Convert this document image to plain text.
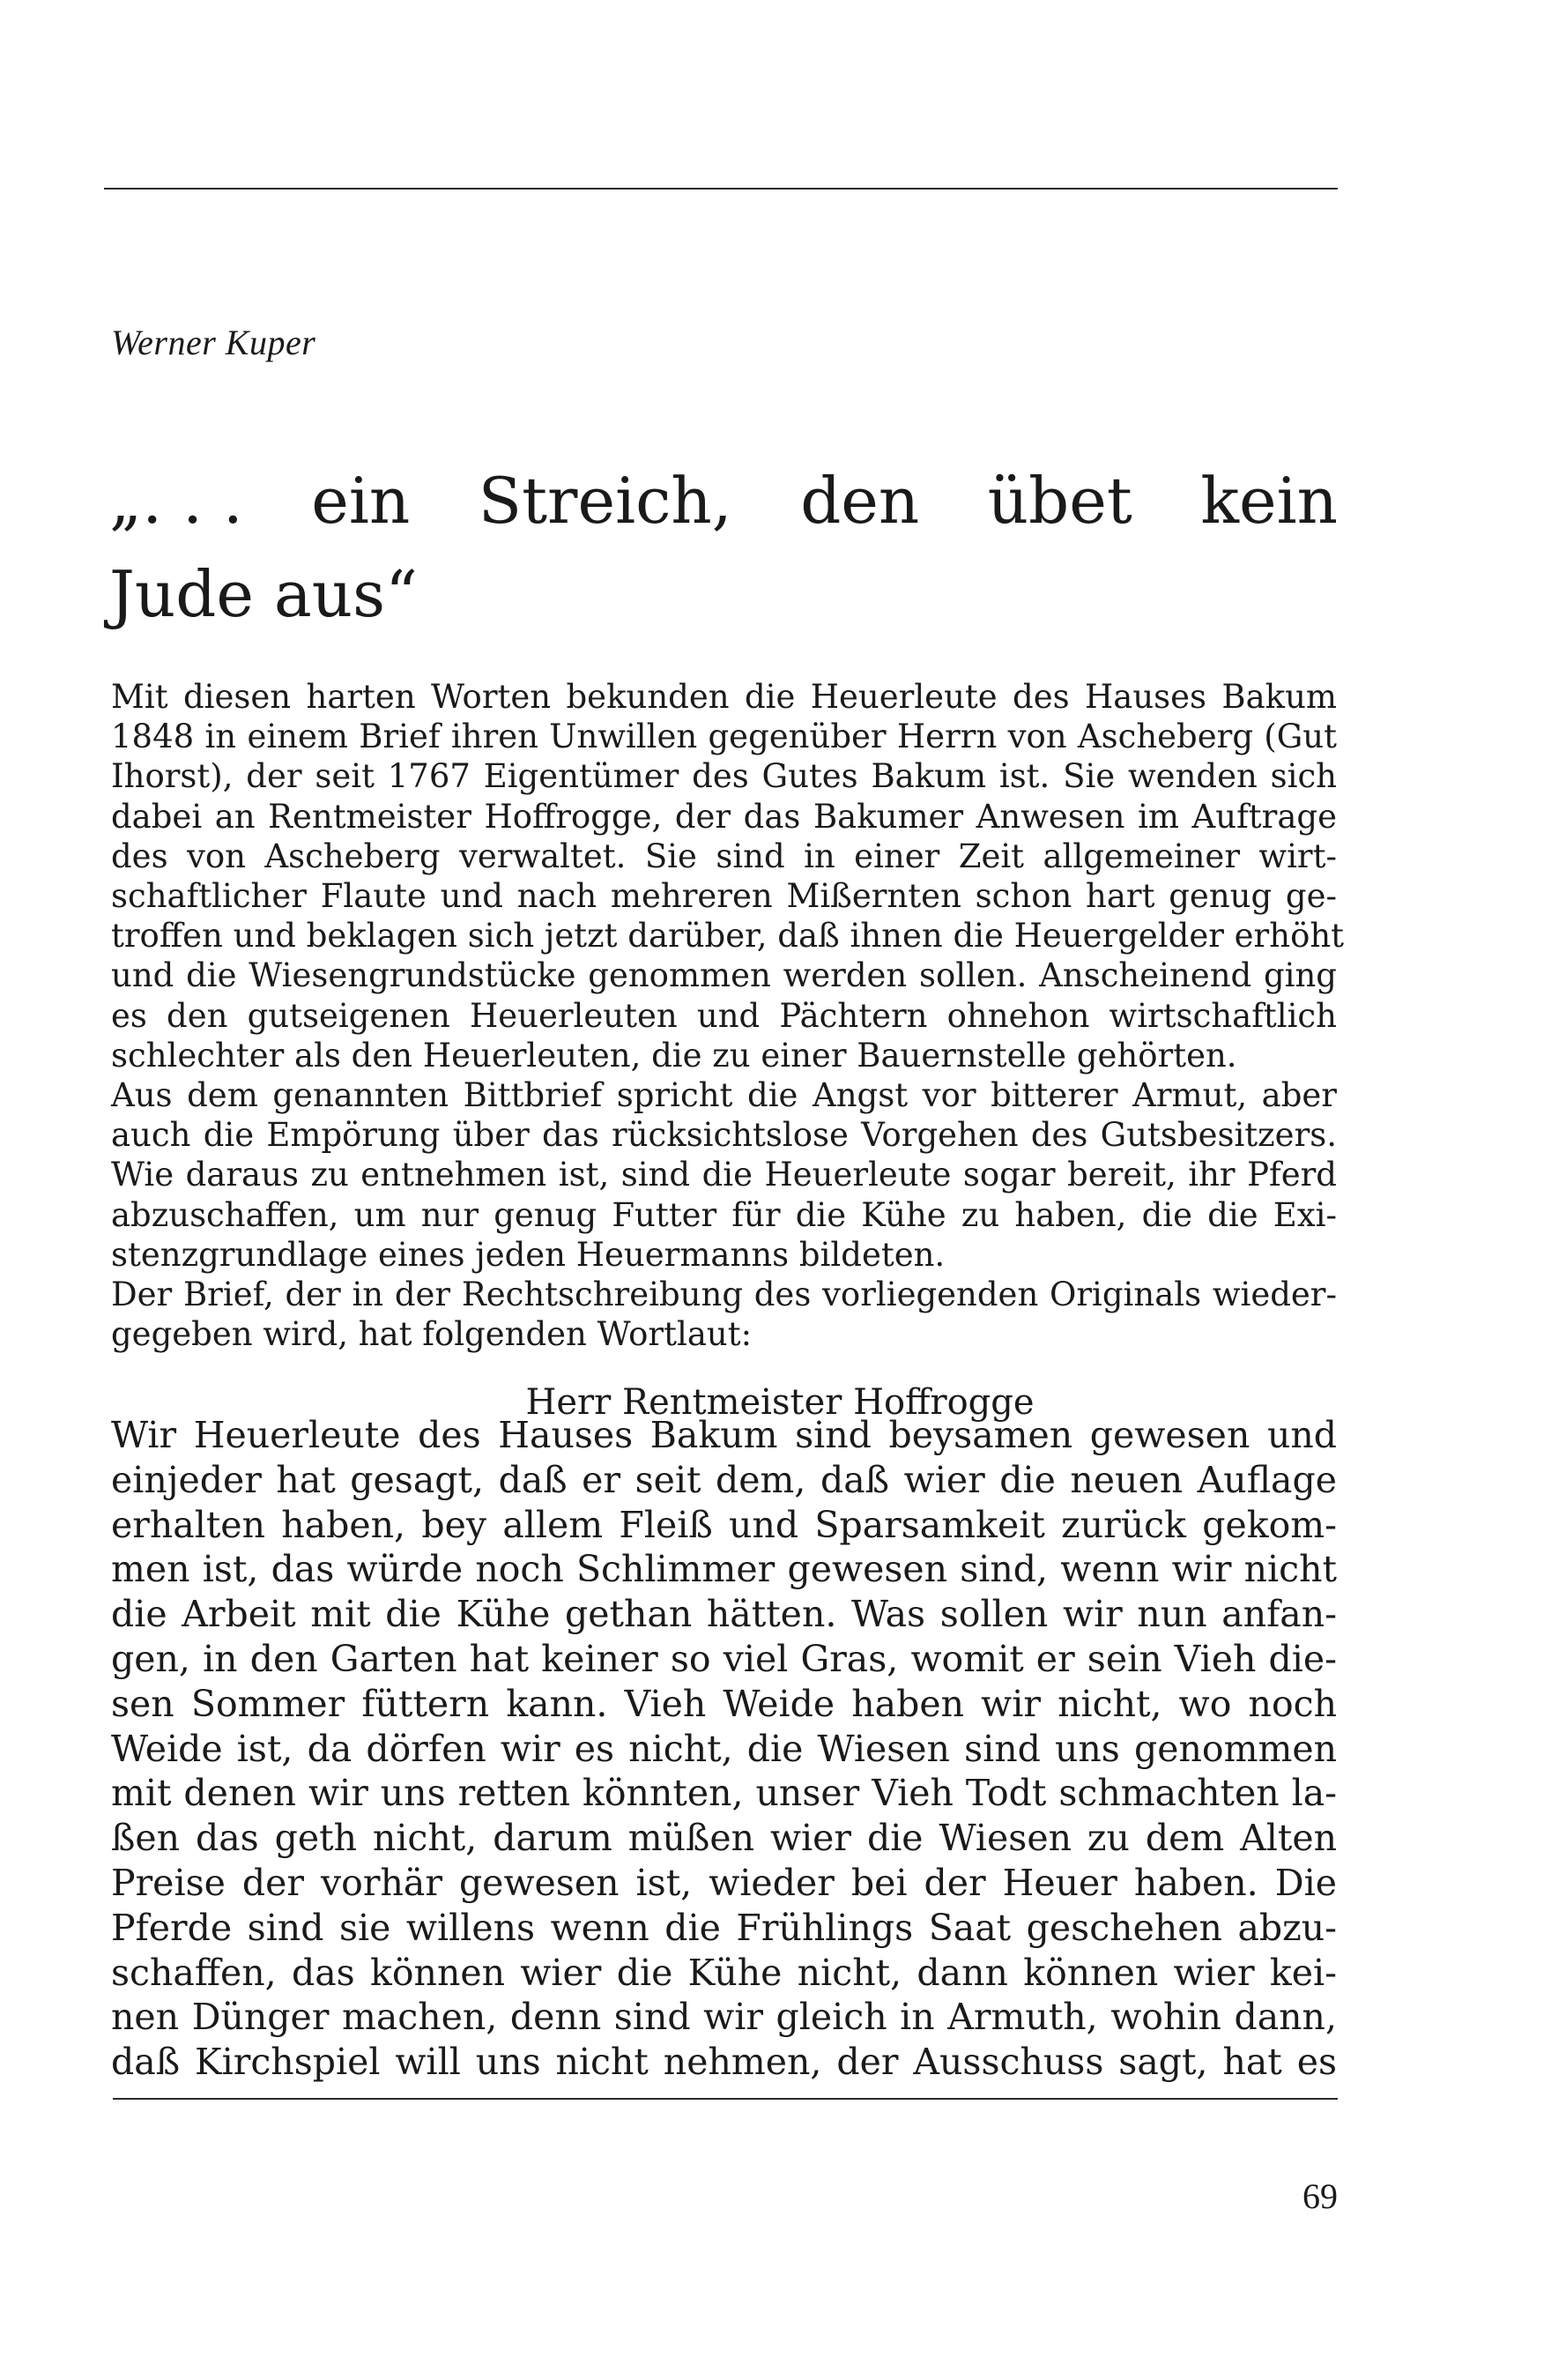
Werner Kuper
„. . . ein Streich, den übet kein
Jude aus“
Mit diesen harten Worten bekunden die Heuerleute des Hauses Bakum
1848 in einem Brief ihren Unwillen gegenüber Herrn von Ascheberg (Gut
Ihorst), der seit 1767 Eigentümer des Gutes Bakum ist. Sie wenden sich
dabei an Rentmeister Hoffrogge, der das Bakumer Anwesen im Auftrage
des von Ascheberg verwaltet. Sie sind in einer Zeit allgemeiner wirt-
schaftlicher Flaute und nach mehreren Mißernten schon hart genug ge-
troffen und beklagen sich jetzt darüber, daß ihnen die Heuergelder erhöht
und die Wiesengrundstücke genommen werden sollen. Anscheinend ging
es den gutseigenen Heuerleuten und Pächtern ohnehon wirtschaftlich
schlechter als den Heuerleuten, die zu einer Bauernstelle gehörten.
Aus dem genannten Bittbrief spricht die Angst vor bitterer Armut, aber
auch die Empörung über das rücksichtslose Vorgehen des Gutsbesitzers.
Wie daraus zu entnehmen ist, sind die Heuerleute sogar bereit, ihr Pferd
abzuschaffen, um nur genug Futter für die Kühe zu haben, die die Exi-
stenzgrundlage eines jeden Heuermanns bildeten.
Der Brief, der in der Rechtschreibung des vorliegenden Originals wieder-
gegeben wird, hat folgenden Wortlaut:
Herr Rentmeister Hoffrogge
Wir Heuerleute des Hauses Bakum sind beysamen gewesen und
einjeder hat gesagt, daß er seit dem, daß wier die neuen Auflage
erhalten haben, bey allem Fleiß und Sparsamkeit zurück gekom-
men ist, das würde noch Schlimmer gewesen sind, wenn wir nicht
die Arbeit mit die Kühe gethan hätten. Was sollen wir nun anfan-
gen, in den Garten hat keiner so viel Gras, womit er sein Vieh die-
sen Sommer füttern kann. Vieh Weide haben wir nicht, wo noch
Weide ist, da dörfen wir es nicht, die Wiesen sind uns genommen
mit denen wir uns retten könnten, unser Vieh Todt schmachten la-
ßen das geth nicht, darum müßen wier die Wiesen zu dem Alten
Preise der vorhär gewesen ist, wieder bei der Heuer haben. Die
Pferde sind sie willens wenn die Frühlings Saat geschehen abzu-
schaffen, das können wier die Kühe nicht, dann können wier kei-
nen Dünger machen, denn sind wir gleich in Armuth, wohin dann,
daß Kirchspiel will uns nicht nehmen, der Ausschuss sagt, hat es
69
